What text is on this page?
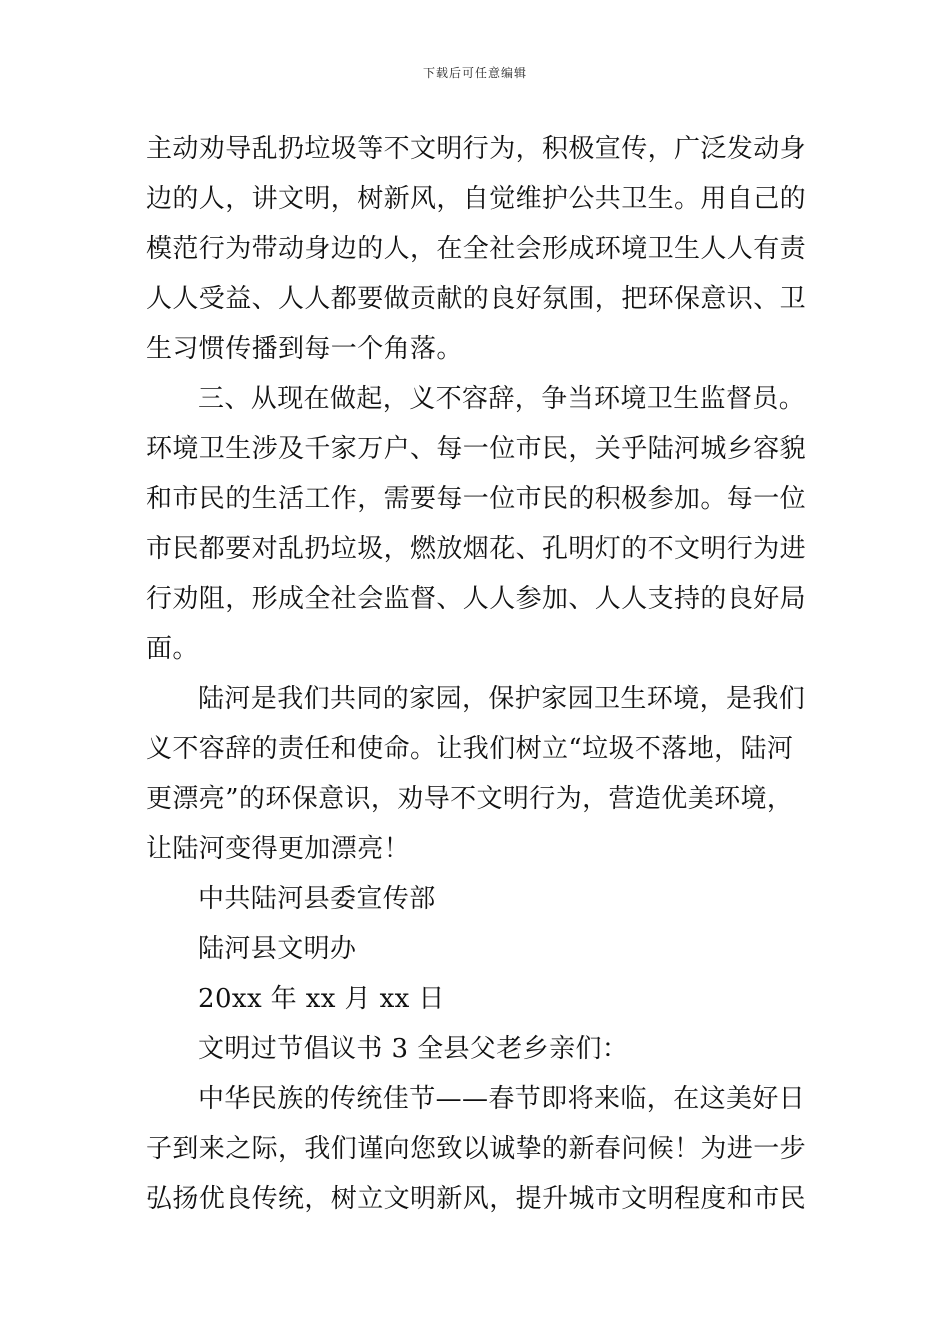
下载后可任意编辑
主动劝导乱扔垃圾等不文明行为，积极宣传，广泛发动身
边的人，讲文明，树新风，自觉维护公共卫生。用自己的
模范行为带动身边的人，在全社会形成环境卫生人人有责
人人受益、人人都要做贡献的良好氛围，把环保意识、卫
生习惯传播到每一个角落。
三、从现在做起，义不容辞，争当环境卫生监督员。
环境卫生涉及千家万户、每一位市民，关乎陆河城乡容貌
和市民的生活工作，需要每一位市民的积极参加。每一位
市民都要对乱扔垃圾，燃放烟花、孔明灯的不文明行为进
行劝阻，形成全社会监督、人人参加、人人支持的良好局
面。
陆河是我们共同的家园，保护家园卫生环境，是我们
义不容辞的责任和使命。让我们树立“垃圾不落地，陆河
更漂亮”的环保意识，劝导不文明行为，营造优美环境，
让陆河变得更加漂亮！
中共陆河县委宣传部
陆河县文明办
20xx 年 xx 月 xx 日
文明过节倡议书 3 全县父老乡亲们：
中华民族的传统佳节——春节即将来临，在这美好日
子到来之际，我们谨向您致以诚挚的新春问候！为进一步
弘扬优良传统，树立文明新风，提升城市文明程度和市民
